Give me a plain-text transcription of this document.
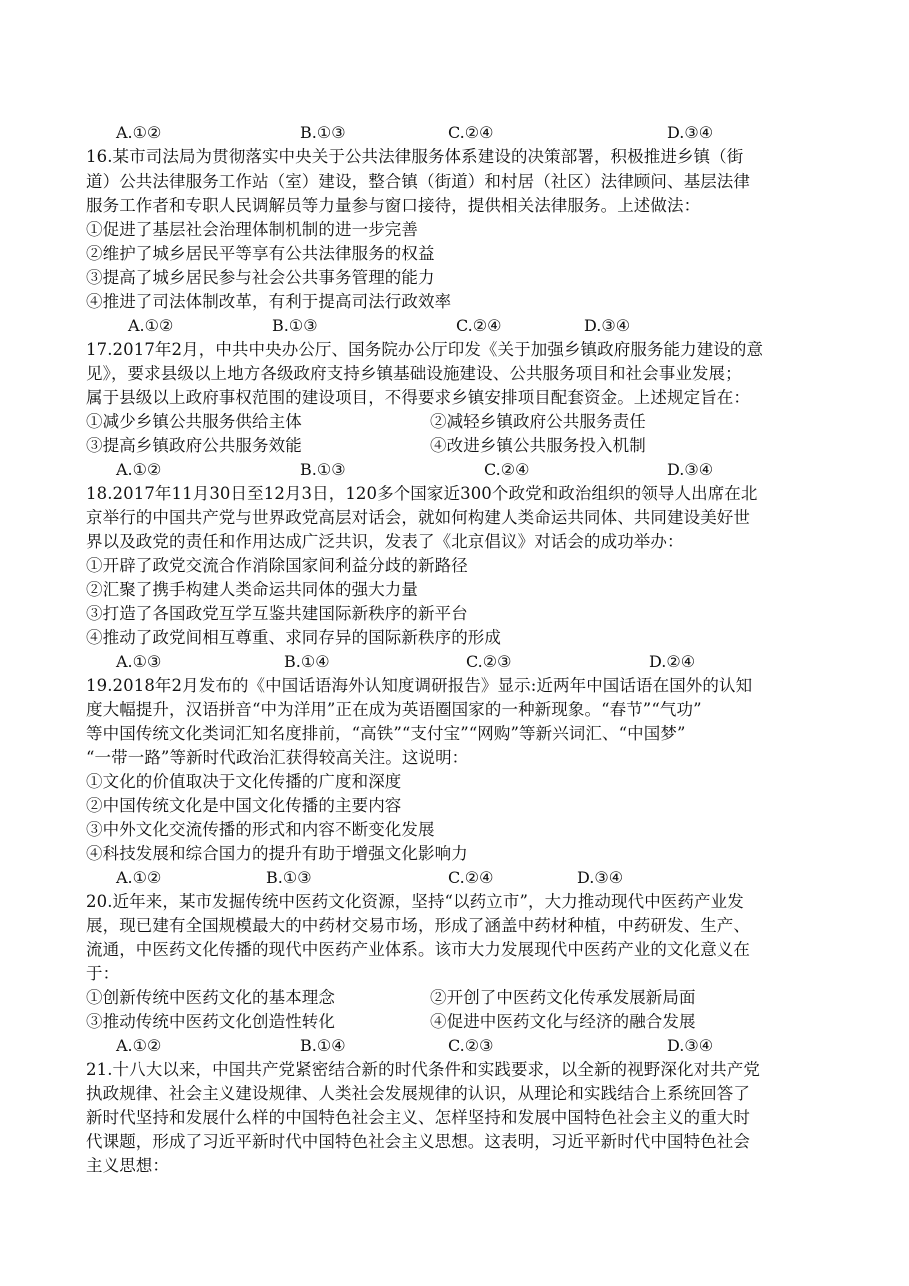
A.①②	B.①③	C.②④	D.③④
16.某市司法局为贯彻落实中央关于公共法律服务体系建设的决策部署，积极推进乡镇（街
道）公共法律服务工作站（室）建设，整合镇（街道）和村居（社区）法律顾问、基层法律
服务工作者和专职人民调解员等力量参与窗口接待，提供相关法律服务。上述做法：
①促进了基层社会治理体制机制的进一步完善
②维护了城乡居民平等享有公共法律服务的权益
③提高了城乡居民参与社会公共事务管理的能力
④推进了司法体制改革，有利于提高司法行政效率
A.①②	B.①③	C.②④	D.③④
17.2017年2月，中共中央办公厅、国务院办公厅印发《关于加强乡镇政府服务能力建设的意
见》，要求县级以上地方各级政府支持乡镇基础设施建设、公共服务项目和社会事业发展；
属于县级以上政府事权范围的建设项目，不得要求乡镇安排项目配套资金。上述规定旨在：
①减少乡镇公共服务供给主体	②减轻乡镇政府公共服务责任
③提高乡镇政府公共服务效能	④改进乡镇公共服务投入机制
A.①②	B.①③	C.②④	D.③④
18.2017年11月30日至12月3日，120多个国家近300个政党和政治组织的领导人出席在北
京举行的中国共产党与世界政党高层对话会，就如何构建人类命运共同体、共同建设美好世
界以及政党的责任和作用达成广泛共识，发表了《北京倡议》对话会的成功举办：
①开辟了政党交流合作消除国家间利益分歧的新路径
②汇聚了携手构建人类命运共同体的强大力量
③打造了各国政党互学互鉴共建国际新秩序的新平台
④推动了政党间相互尊重、求同存异的国际新秩序的形成
A.①③	B.①④	C.②③	D.②④
19.2018年2月发布的《中国话语海外认知度调研报告》显示:近两年中国话语在国外的认知
度大幅提升，汉语拼音“中为洋用”正在成为英语圈国家的一种新现象。“春节”“气功”
等中国传统文化类词汇知名度排前，“高铁”“支付宝”“网购”等新兴词汇、“中国梦”
“一带一路”等新时代政治汇获得较高关注。这说明：
①文化的价值取决于文化传播的广度和深度
②中国传统文化是中国文化传播的主要内容
③中外文化交流传播的形式和内容不断变化发展
④科技发展和综合国力的提升有助于增强文化影响力
A.①②	B.①③	C.②④	D.③④
20.近年来，某市发掘传统中医药文化资源，坚持“以药立市”，大力推动现代中医药产业发
展，现已建有全国规模最大的中药材交易市场，形成了涵盖中药材种植，中药研发、生产、
流通，中医药文化传播的现代中医药产业体系。该市大力发展现代中医药产业的文化意义在
于：
①创新传统中医药文化的基本理念	②开创了中医药文化传承发展新局面
③推动传统中医药文化创造性转化	④促进中医药文化与经济的融合发展
A.①②	B.①④	C.②③	D.③④
21.十八大以来，中国共产党紧密结合新的时代条件和实践要求，以全新的视野深化对共产党
执政规律、社会主义建设规律、人类社会发展规律的认识，从理论和实践结合上系统回答了
新时代坚持和发展什么样的中国特色社会主义、怎样坚持和发展中国特色社会主义的重大时
代课题，形成了习近平新时代中国特色社会主义思想。这表明，习近平新时代中国特色社会
主义思想：
